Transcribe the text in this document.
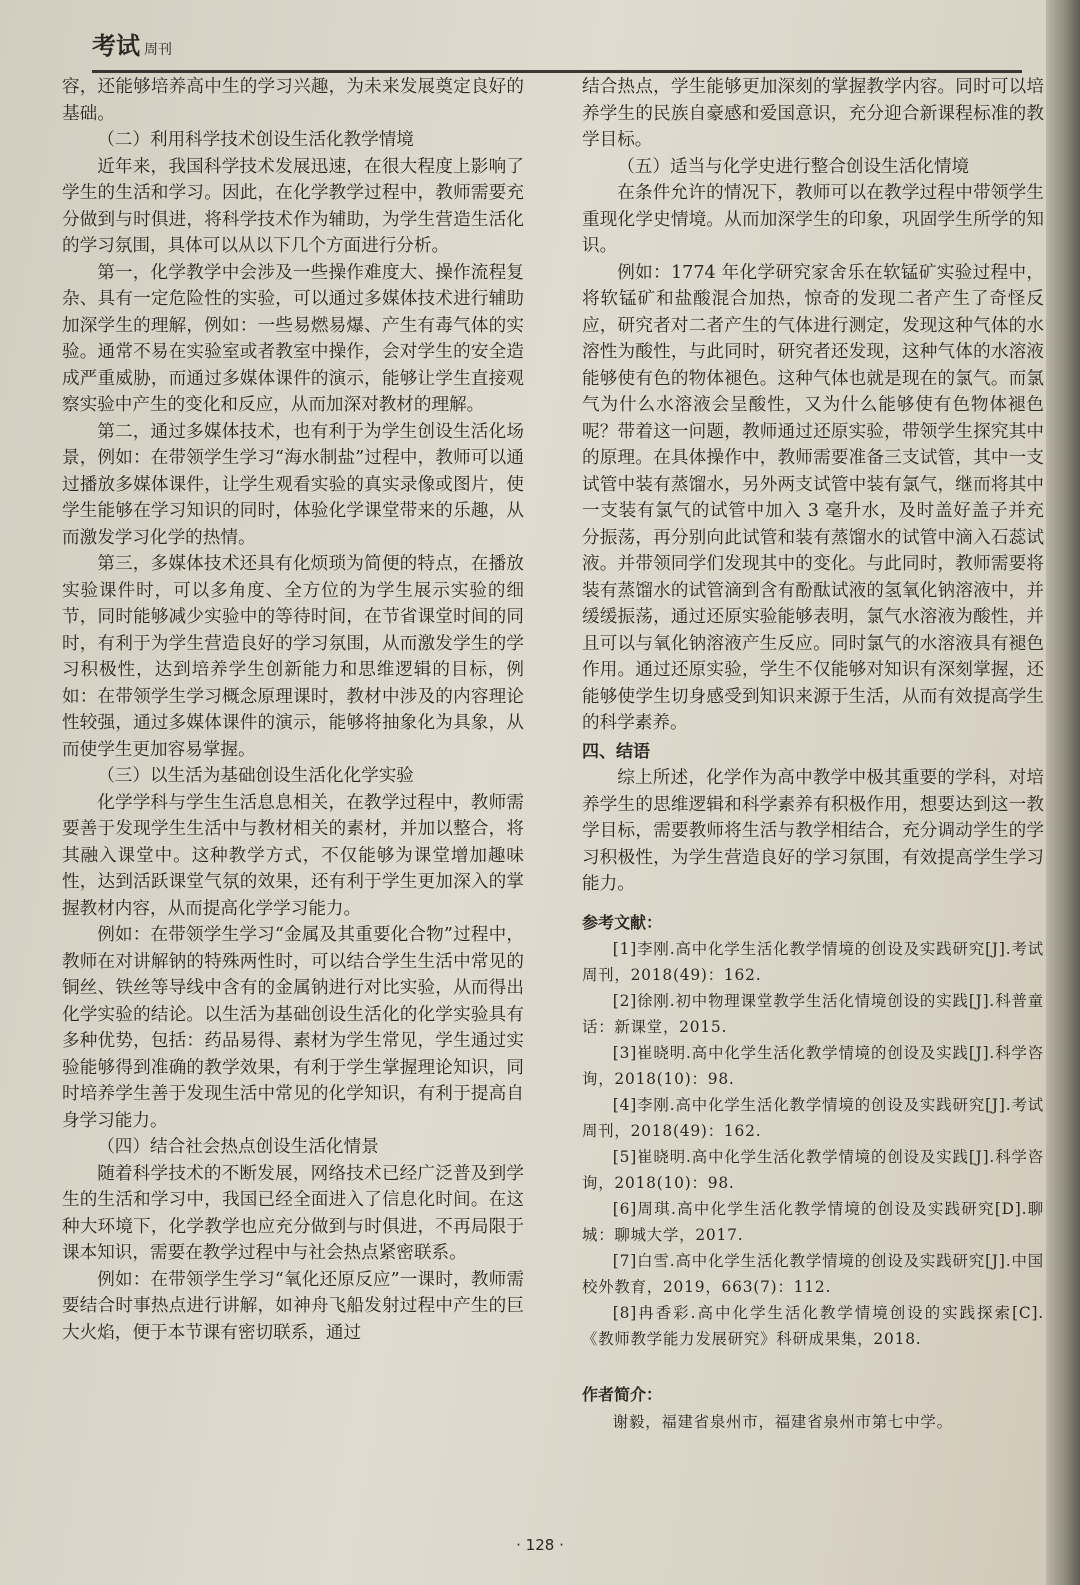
考试 周刊

容，还能够培养高中生的学习兴趣，为未来发展奠定良好的基础。

（二）利用科学技术创设生活化教学情境

近年来，我国科学技术发展迅速，在很大程度上影响了学生的生活和学习。因此，在化学教学过程中，教师需要充分做到与时俱进，将科学技术作为辅助，为学生营造生活化的学习氛围，具体可以从以下几个方面进行分析。

第一，化学教学中会涉及一些操作难度大、操作流程复杂、具有一定危险性的实验，可以通过多媒体技术进行辅助加深学生的理解，例如：一些易燃易爆、产生有毒气体的实验。通常不易在实验室或者教室中操作，会对学生的安全造成严重威胁，而通过多媒体课件的演示，能够让学生直接观察实验中产生的变化和反应，从而加深对教材的理解。

第二，通过多媒体技术，也有利于为学生创设生活化场景，例如：在带领学生学习“海水制盐”过程中，教师可以通过播放多媒体课件，让学生观看实验的真实录像或图片，使学生能够在学习知识的同时，体验化学课堂带来的乐趣，从而激发学习化学的热情。

第三，多媒体技术还具有化烦琐为简便的特点，在播放实验课件时，可以多角度、全方位的为学生展示实验的细节，同时能够减少实验中的等待时间，在节省课堂时间的同时，有利于为学生营造良好的学习氛围，从而激发学生的学习积极性，达到培养学生创新能力和思维逻辑的目标，例如：在带领学生学习概念原理课时，教材中涉及的内容理论性较强，通过多媒体课件的演示，能够将抽象化为具象，从而使学生更加容易掌握。

（三）以生活为基础创设生活化化学实验

化学学科与学生生活息息相关，在教学过程中，教师需要善于发现学生生活中与教材相关的素材，并加以整合，将其融入课堂中。这种教学方式，不仅能够为课堂增加趣味性，达到活跃课堂气氛的效果，还有利于学生更加深入的掌握教材内容，从而提高化学学习能力。

例如：在带领学生学习“金属及其重要化合物”过程中，教师在对讲解钠的特殊两性时，可以结合学生生活中常见的铜丝、铁丝等导线中含有的金属钠进行对比实验，从而得出化学实验的结论。以生活为基础创设生活化的化学实验具有多种优势，包括：药品易得、素材为学生常见，学生通过实验能够得到准确的教学效果，有利于学生掌握理论知识，同时培养学生善于发现生活中常见的化学知识，有利于提高自身学习能力。

（四）结合社会热点创设生活化情景

随着科学技术的不断发展，网络技术已经广泛普及到学生的生活和学习中，我国已经全面进入了信息化时间。在这种大环境下，化学教学也应充分做到与时俱进，不再局限于课本知识，需要在教学过程中与社会热点紧密联系。

例如：在带领学生学习“氧化还原反应”一课时，教师需要结合时事热点进行讲解，如神舟飞船发射过程中产生的巨大火焰，便于本节课有密切联系，通过

结合热点，学生能够更加深刻的掌握教学内容。同时可以培养学生的民族自豪感和爱国意识，充分迎合新课程标准的教学目标。

（五）适当与化学史进行整合创设生活化情境

在条件允许的情况下，教师可以在教学过程中带领学生重现化学史情境。从而加深学生的印象，巩固学生所学的知识。

例如：1774 年化学研究家舍乐在软锰矿实验过程中，将软锰矿和盐酸混合加热，惊奇的发现二者产生了奇怪反应，研究者对二者产生的气体进行测定，发现这种气体的水溶性为酸性，与此同时，研究者还发现，这种气体的水溶液能够使有色的物体褪色。这种气体也就是现在的氯气。而氯气为什么水溶液会呈酸性，又为什么能够使有色物体褪色呢？带着这一问题，教师通过还原实验，带领学生探究其中的原理。在具体操作中，教师需要准备三支试管，其中一支试管中装有蒸馏水，另外两支试管中装有氯气，继而将其中一支装有氯气的试管中加入 3 毫升水，及时盖好盖子并充分振荡，再分别向此试管和装有蒸馏水的试管中滴入石蕊试液。并带领同学们发现其中的变化。与此同时，教师需要将装有蒸馏水的试管滴到含有酚酞试液的氢氧化钠溶液中，并缓缓振荡，通过还原实验能够表明，氯气水溶液为酸性，并且可以与氧化钠溶液产生反应。同时氯气的水溶液具有褪色作用。通过还原实验，学生不仅能够对知识有深刻掌握，还能够使学生切身感受到知识来源于生活，从而有效提高学生的科学素养。

四、结语

综上所述，化学作为高中教学中极其重要的学科，对培养学生的思维逻辑和科学素养有积极作用，想要达到这一教学目标，需要教师将生活与教学相结合，充分调动学生的学习积极性，为学生营造良好的学习氛围，有效提高学生学习能力。

参考文献：

[1]李刚.高中化学生活化教学情境的创设及实践研究[J].考试周刊，2018(49)：162.

[2]徐刚.初中物理课堂教学生活化情境创设的实践[J].科普童话：新课堂，2015.

[3]崔晓明.高中化学生活化教学情境的创设及实践[J].科学咨询，2018(10)：98.

[4]李刚.高中化学生活化教学情境的创设及实践研究[J].考试周刊，2018(49)：162.

[5]崔晓明.高中化学生活化教学情境的创设及实践[J].科学咨询，2018(10)：98.

[6]周琪.高中化学生活化教学情境的创设及实践研究[D].聊城：聊城大学，2017.

[7]白雪.高中化学生活化教学情境的创设及实践研究[J].中国校外教育，2019，663(7)：112.

[8]冉香彩.高中化学生活化教学情境创设的实践探索[C].《教师教学能力发展研究》科研成果集，2018.

作者简介：

谢毅，福建省泉州市，福建省泉州市第七中学。

· 128 ·
